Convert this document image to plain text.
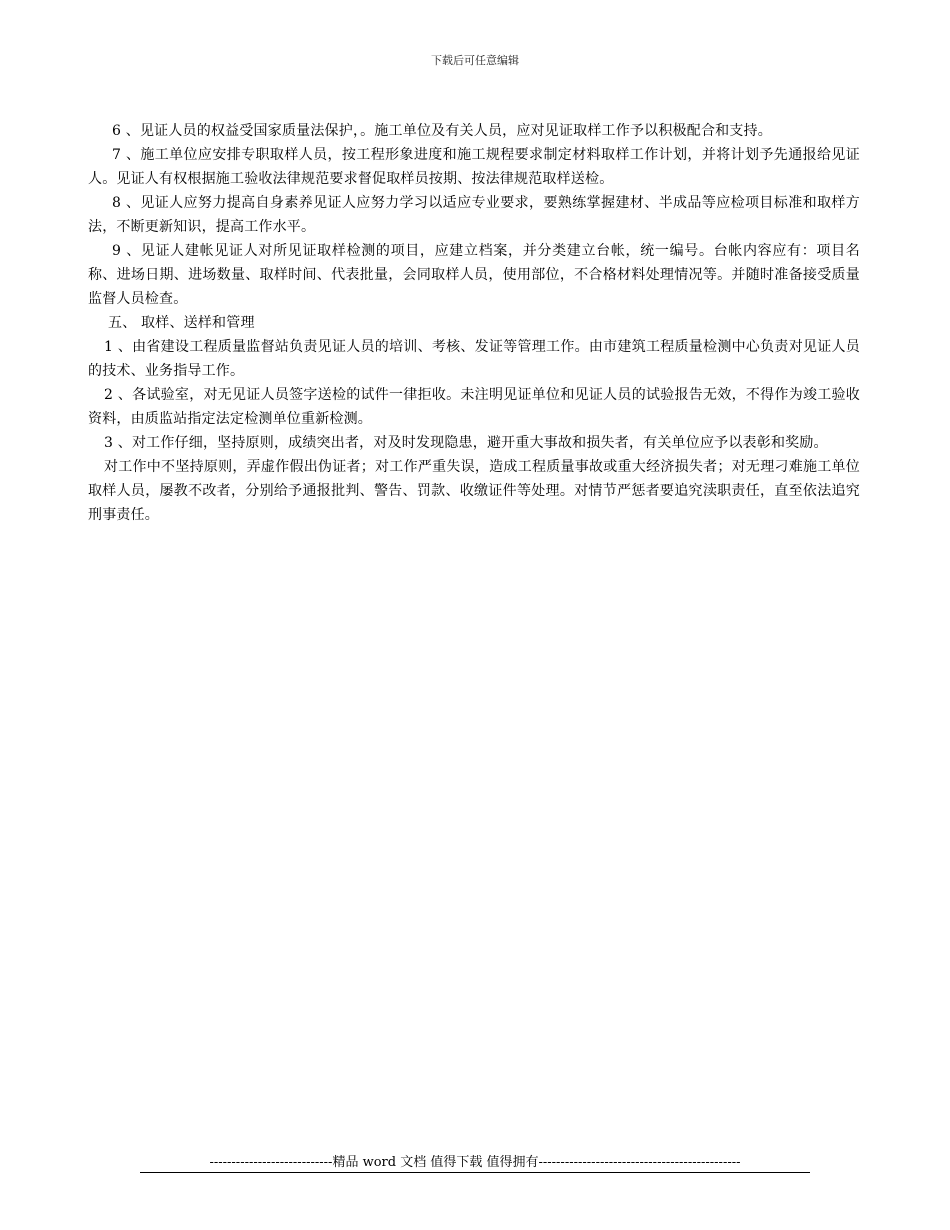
下载后可任意编辑

6 、见证人员的权益受国家质量法保护，。施工单位及有关人员，应对见证取样工作予以积极配合和支持。

7 、施工单位应安排专职取样人员，按工程形象进度和施工规程要求制定材料取样工作计划，并将计划予先通报给见证人。见证人有权根据施工验收法律规范要求督促取样员按期、按法律规范取样送检。

8 、见证人应努力提高自身素养见证人应努力学习以适应专业要求，要熟练掌握建材、半成品等应检项目标准和取样方法，不断更新知识，提高工作水平。

9 、见证人建帐见证人对所见证取样检测的项目，应建立档案，并分类建立台帐，统一编号。台帐内容应有：项目名称、进场日期、进场数量、取样时间、代表批量，会同取样人员，使用部位，不合格材料处理情况等。并随时准备接受质量监督人员检查。

五、 取样、送样和管理

1 、由省建设工程质量监督站负责见证人员的培训、考核、发证等管理工作。由市建筑工程质量检测中心负责对见证人员的技术、业务指导工作。

2 、各试验室，对无见证人员签字送检的试件一律拒收。未注明见证单位和见证人员的试验报告无效，不得作为竣工验收资料，由质监站指定法定检测单位重新检测。

3 、对工作仔细，坚持原则，成绩突出者，对及时发现隐患，避开重大事故和损失者，有关单位应予以表彰和奖励。

对工作中不坚持原则，弄虚作假出伪证者；对工作严重失误，造成工程质量事故或重大经济损失者；对无理刁难施工单位取样人员，屡教不改者，分别给予通报批判、警告、罚款、收缴证件等处理。对情节严惩者要追究渎职责任，直至依法追究刑事责任。

----------------------------精品 word 文档 值得下载 值得拥有----------------------------------------------
